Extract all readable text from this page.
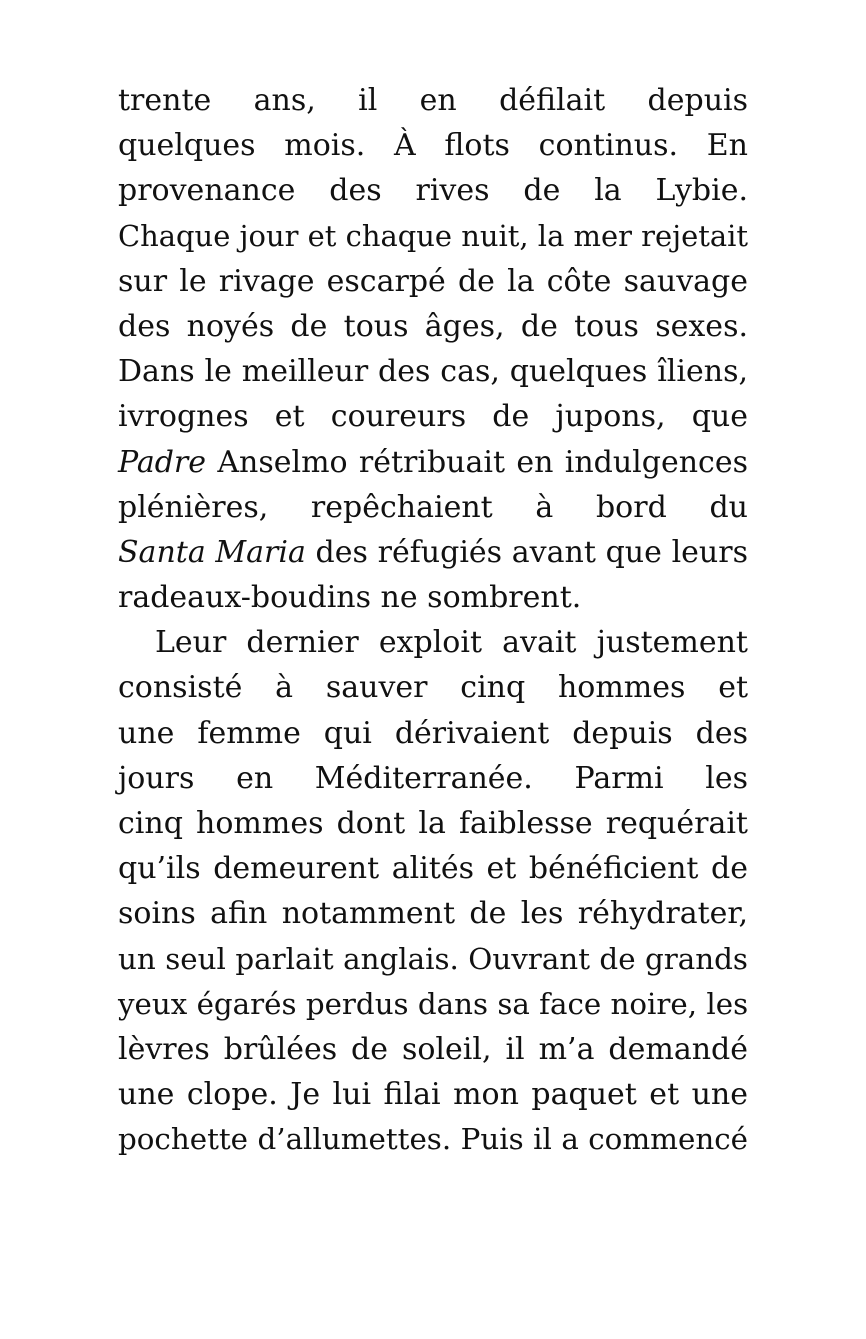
trente ans, il en défilait depuis
quelques mois. À flots continus. En
provenance des rives de la Lybie.
Chaque jour et chaque nuit, la mer rejetait
sur le rivage escarpé de la côte sauvage
des noyés de tous âges, de tous sexes.
Dans le meilleur des cas, quelques îliens,
ivrognes et coureurs de jupons, que
Padre Anselmo rétribuait en indulgences
plénières, repêchaient à bord du
Santa Maria des réfugiés avant que leurs
radeaux-boudins ne sombrent.
Leur dernier exploit avait justement
consisté à sauver cinq hommes et
une femme qui dérivaient depuis des
jours en Méditerranée. Parmi les
cinq hommes dont la faiblesse requérait
qu’ils demeurent alités et bénéficient de
soins afin notamment de les réhydrater,
un seul parlait anglais. Ouvrant de grands
yeux égarés perdus dans sa face noire, les
lèvres brûlées de soleil, il m’a demandé
une clope. Je lui filai mon paquet et une
pochette d’allumettes. Puis il a commencé
